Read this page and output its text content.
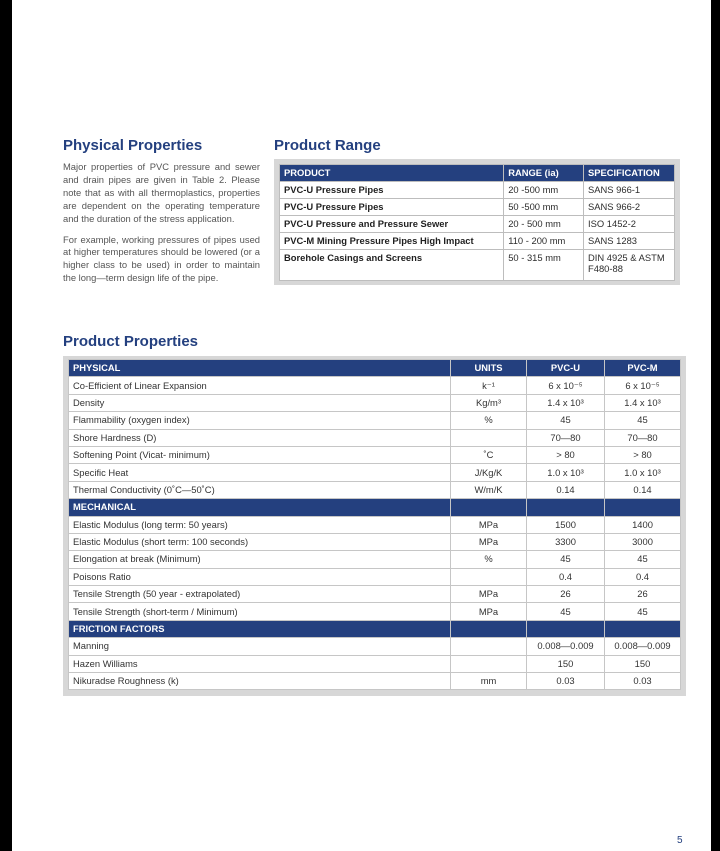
Physical Properties

Major properties of PVC pressure and sewer and drain pipes are given in Table 2. Please note that as with all thermoplastics, properties are dependent on the operating temperature and the duration of the stress application.

For example, working pressures of pipes used at higher temperatures should be lowered (or a higher class to be used) in order to maintain the long—term design life of the pipe.

Product Range
PRODUCT	RANGE (ia)	SPECIFICATION
PVC-U Pressure Pipes	20 -500 mm	SANS 966-1
PVC-U Pressure Pipes	50 -500 mm	SANS 966-2
PVC-U Pressure and Pressure Sewer	20 - 500 mm	ISO 1452-2
PVC-M Mining Pressure Pipes High Impact	110 - 200 mm	SANS 1283
Borehole Casings and Screens	50 - 315 mm	DIN 4925 & ASTM F480-88
Product Properties
PHYSICAL	UNITS	PVC-U	PVC-M
Co-Efficient of Linear Expansion	k⁻¹	6 x 10⁻⁵	6 x 10⁻⁵
Density	Kg/m³	1.4 x 10³	1.4 x 10³
Flammability (oxygen index)	%	45	45
Shore Hardness (D)		70—80	70—80
Softening Point (Vicat- minimum)	˚C	> 80	> 80
Specific Heat	J/Kg/K	1.0 x 10³	1.0 x 10³
Thermal Conductivity (0˚C—50˚C)	W/m/K	0.14	0.14
MECHANICAL			
Elastic Modulus (long term: 50 years)	MPa	1500	1400
Elastic Modulus (short term: 100 seconds)	MPa	3300	3000
Elongation at break (Minimum)	%	45	45
Poisons Ratio		0.4	0.4
Tensile Strength (50 year - extrapolated)	MPa	26	26
Tensile Strength (short-term / Minimum)	MPa	45	45
FRICTION FACTORS			
Manning		0.008—0.009	0.008—0.009
Hazen Williams		150	150
Nikuradse Roughness (k)	mm	0.03	0.03
5
